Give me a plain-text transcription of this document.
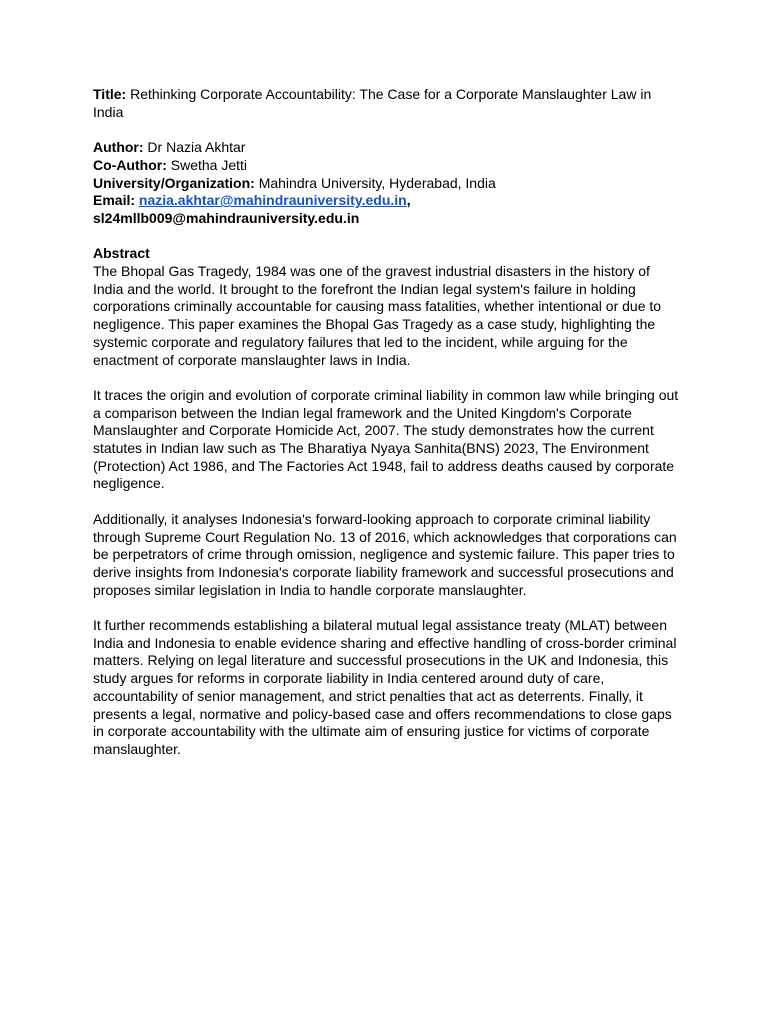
Title: Rethinking Corporate Accountability: The Case for a Corporate Manslaughter Law in India

Author: Dr Nazia Akhtar

Co-Author: Swetha Jetti

University/Organization: Mahindra University, Hyderabad, India

Email: nazia.akhtar@mahindrauniversity.edu.in,

sl24mllb009@mahindrauniversity.edu.in

Abstract

The Bhopal Gas Tragedy, 1984 was one of the gravest industrial disasters in the history of India and the world. It brought to the forefront the Indian legal system's failure in holding corporations criminally accountable for causing mass fatalities, whether intentional or due to negligence. This paper examines the Bhopal Gas Tragedy as a case study, highlighting the systemic corporate and regulatory failures that led to the incident, while arguing for the enactment of corporate manslaughter laws in India.

It traces the origin and evolution of corporate criminal liability in common law while bringing out a comparison between the Indian legal framework and the United Kingdom's Corporate Manslaughter and Corporate Homicide Act, 2007. The study demonstrates how the current statutes in Indian law such as The Bharatiya Nyaya Sanhita(BNS) 2023, The Environment (Protection) Act 1986, and The Factories Act 1948, fail to address deaths caused by corporate negligence.

Additionally, it analyses Indonesia's forward-looking approach to corporate criminal liability through Supreme Court Regulation No. 13 of 2016, which acknowledges that corporations can be perpetrators of crime through omission, negligence and systemic failure. This paper tries to derive insights from Indonesia's corporate liability framework and successful prosecutions and proposes similar legislation in India to handle corporate manslaughter.

It further recommends establishing a bilateral mutual legal assistance treaty (MLAT) between India and Indonesia to enable evidence sharing and effective handling of cross-border criminal matters. Relying on legal literature and successful prosecutions in the UK and Indonesia, this study argues for reforms in corporate liability in India centered around duty of care, accountability of senior management, and strict penalties that act as deterrents. Finally, it presents a legal, normative and policy-based case and offers recommendations to close gaps in corporate accountability with the ultimate aim of ensuring justice for victims of corporate manslaughter.
